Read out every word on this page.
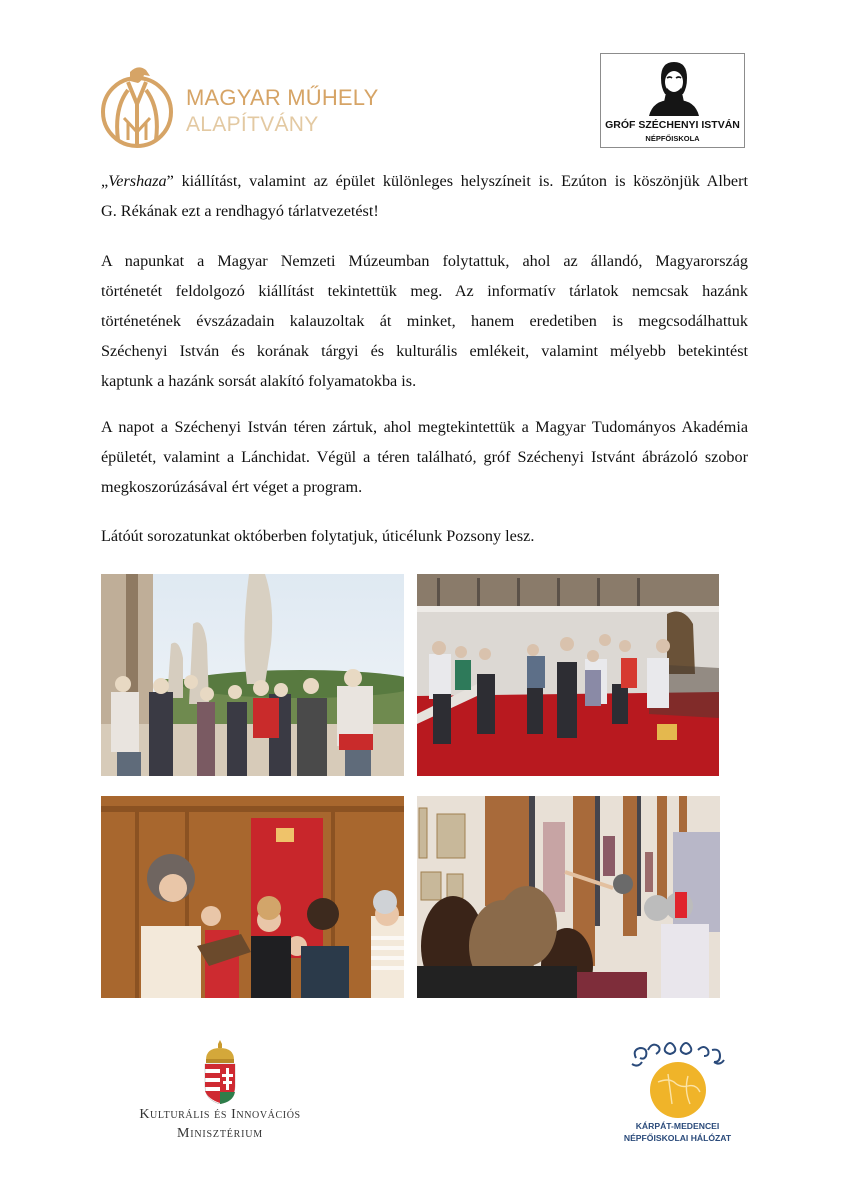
MAGYAR MŰHELY
ALAPÍTVÁNY	GRÓF SZÉCHENYI ISTVÁN
NÉPFŐISKOLA
„Vershaza” kiállítást, valamint az épület különleges helyszíneit is. Ezúton is köszönjük Albert
G. Rékának ezt a rendhagyó tárlatvezetést!
A napunkat a Magyar Nemzeti Múzeumban folytattuk, ahol az állandó, Magyarország
történetét feldolgozó kiállítást tekintettük meg. Az informatív tárlatok nemcsak hazánk
történetének évszázadain kalauzoltak át minket, hanem eredetiben is megcsodálhattuk
Széchenyi István és korának tárgyi és kulturális emlékeit, valamint mélyebb betekintést
kaptunk a hazánk sorsát alakító folyamatokba is.
A napot a Széchenyi István téren zártuk, ahol megtekintettük a Magyar Tudományos Akadémia
épületét, valamint a Lánchidat. Végül a téren található, gróf Széchenyi Istvánt ábrázoló szobor
megkoszorúzásával ért véget a program.
Látóút sorozatunkat októberben folytatjuk, úticélunk Pozsony lesz.
Kulturális és Innovációs
Minisztérium	KÁRPÁT-MEDENCEI
NÉPFŐISKOLAI HÁLÓZAT
